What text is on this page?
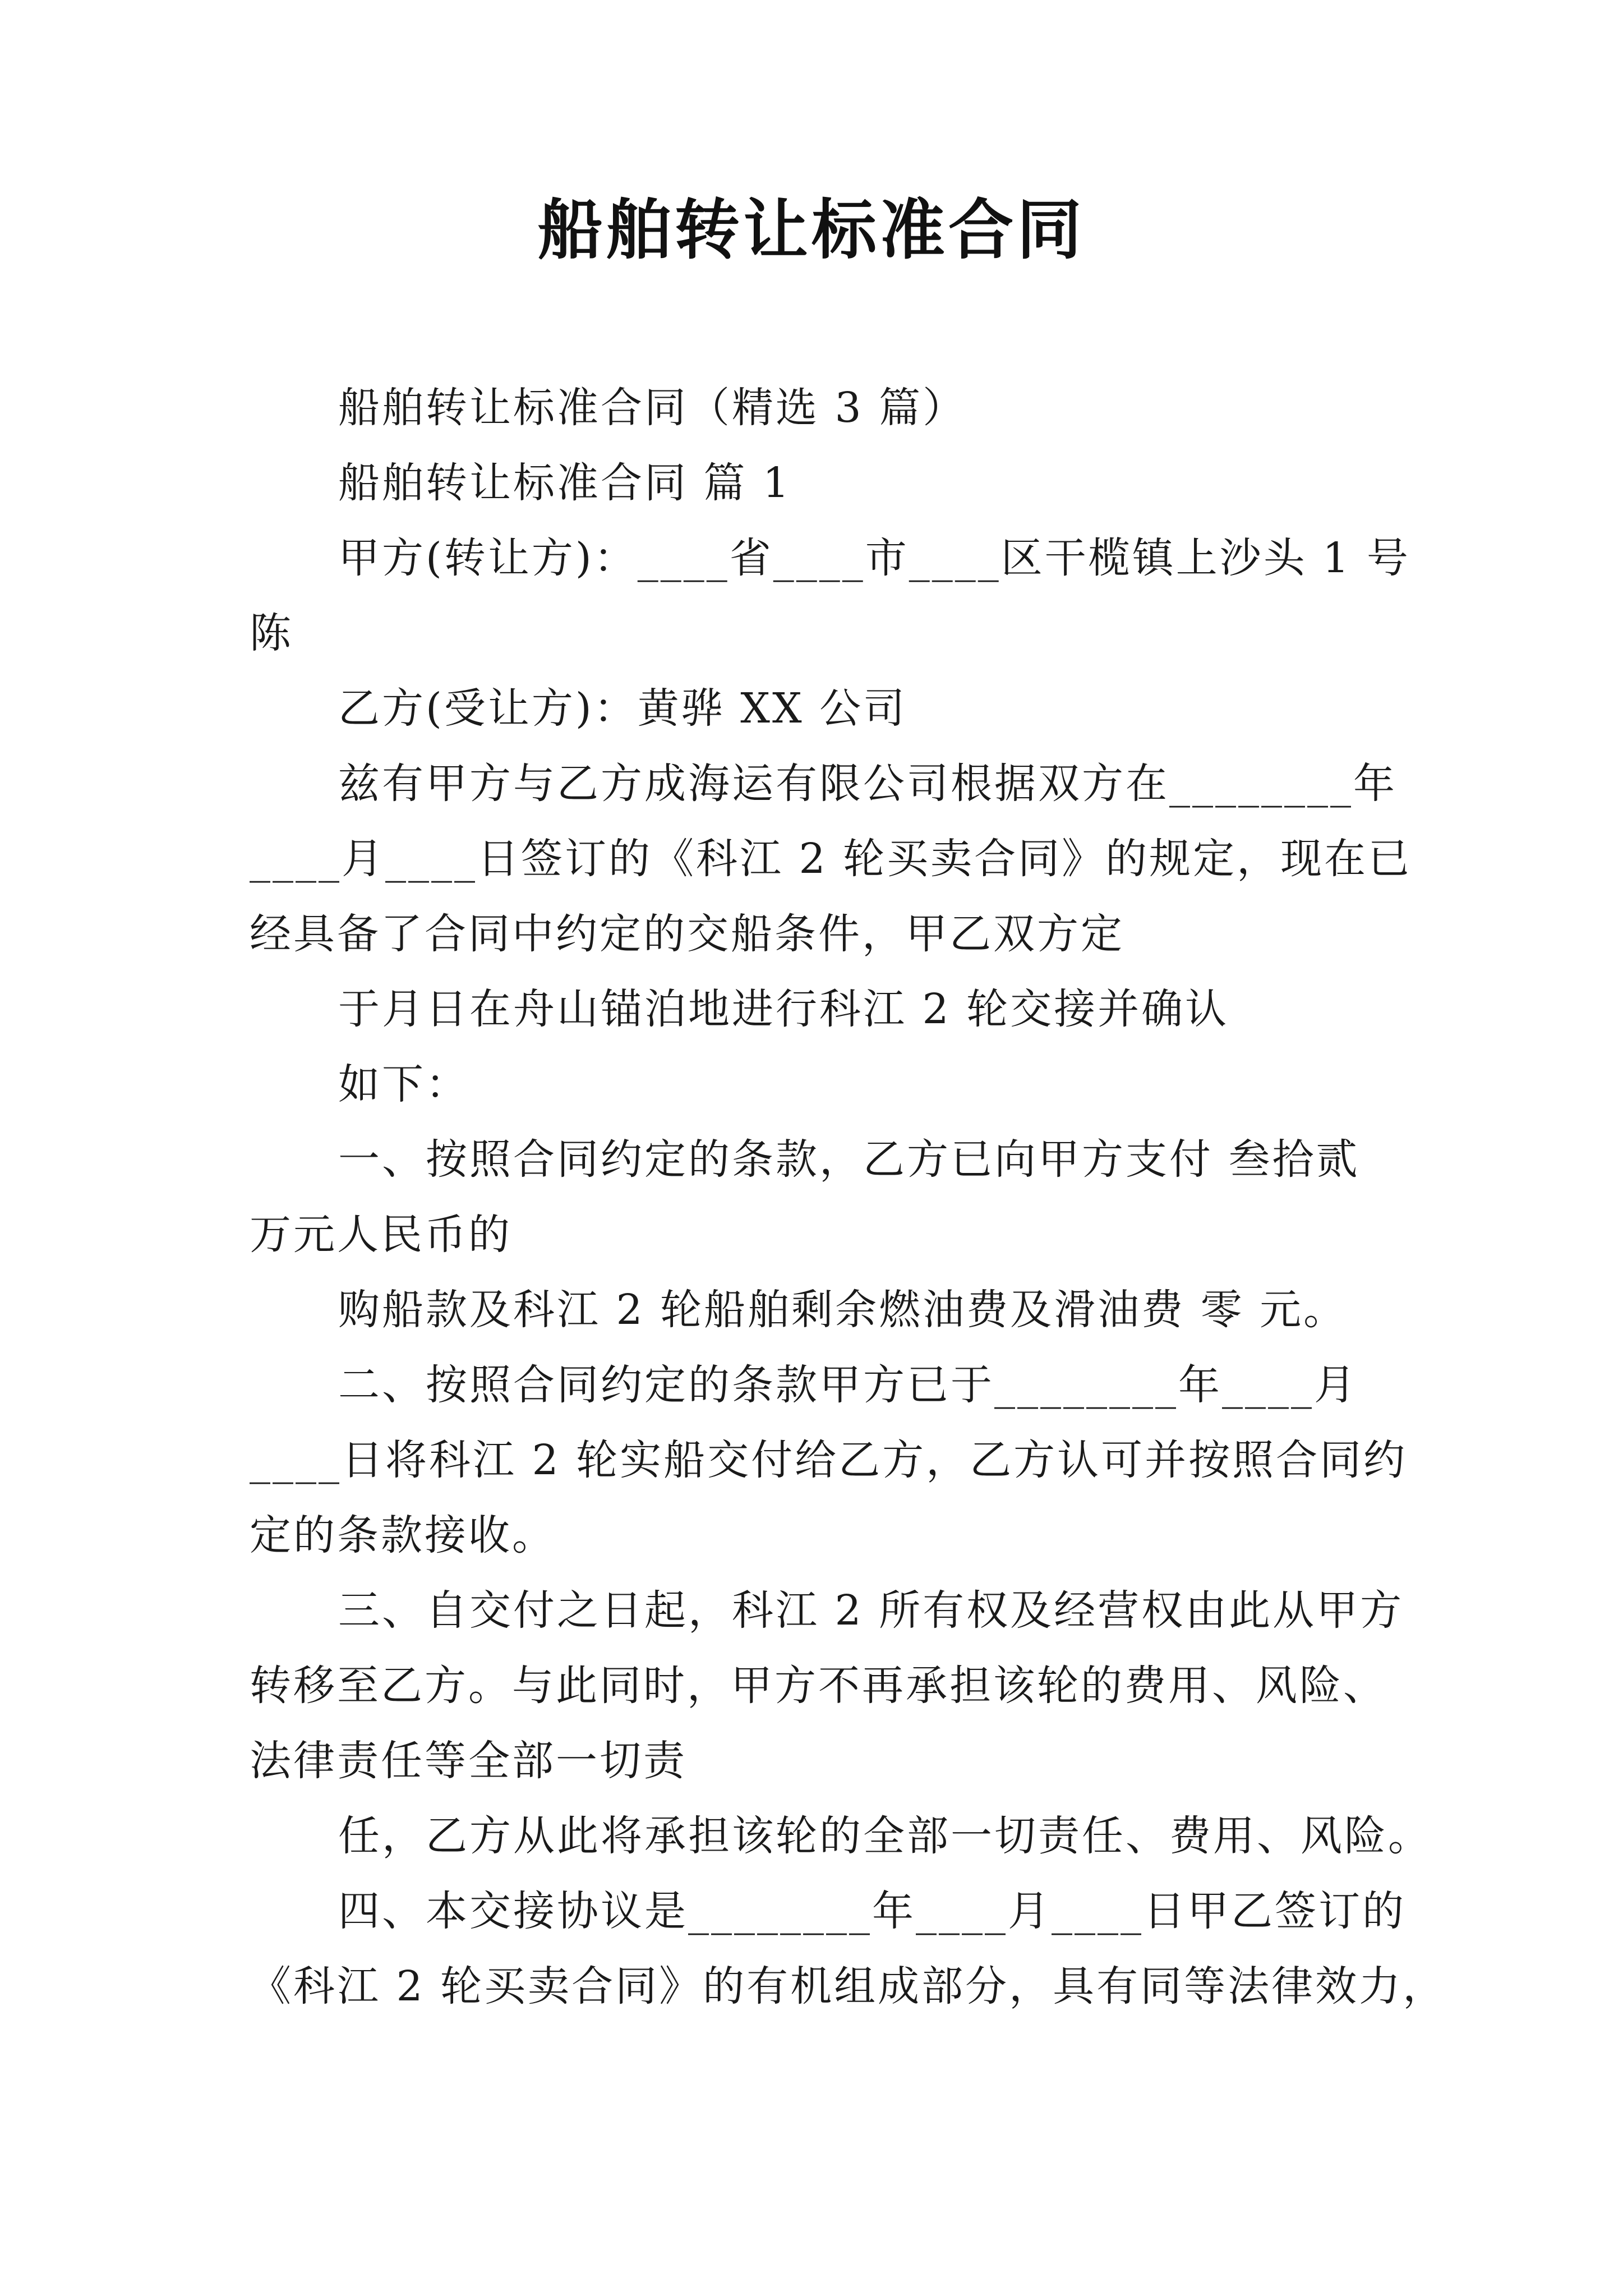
船舶转让标准合同

船舶转让标准合同（精选 3 篇）

船舶转让标准合同 篇 1

甲方(转让方)：____省____市____区干榄镇上沙头 1 号

陈

乙方(受让方)：黄骅 XX 公司

兹有甲方与乙方成海运有限公司根据双方在________年

____月____日签订的《科江 2 轮买卖合同》的规定，现在已

经具备了合同中约定的交船条件，甲乙双方定

于月日在舟山锚泊地进行科江 2 轮交接并确认

如下：

一、按照合同约定的条款，乙方已向甲方支付 叁拾贰

万元人民币的

购船款及科江 2 轮船舶剩余燃油费及滑油费 零 元。

二、按照合同约定的条款甲方已于________年____月

____日将科江 2 轮实船交付给乙方，乙方认可并按照合同约

定的条款接收。

三、自交付之日起，科江 2 所有权及经营权由此从甲方

转移至乙方。与此同时，甲方不再承担该轮的费用、风险、

法律责任等全部一切责

任，乙方从此将承担该轮的全部一切责任、费用、风险。

四、本交接协议是________年____月____日甲乙签订的

《科江 2 轮买卖合同》的有机组成部分，具有同等法律效力，
